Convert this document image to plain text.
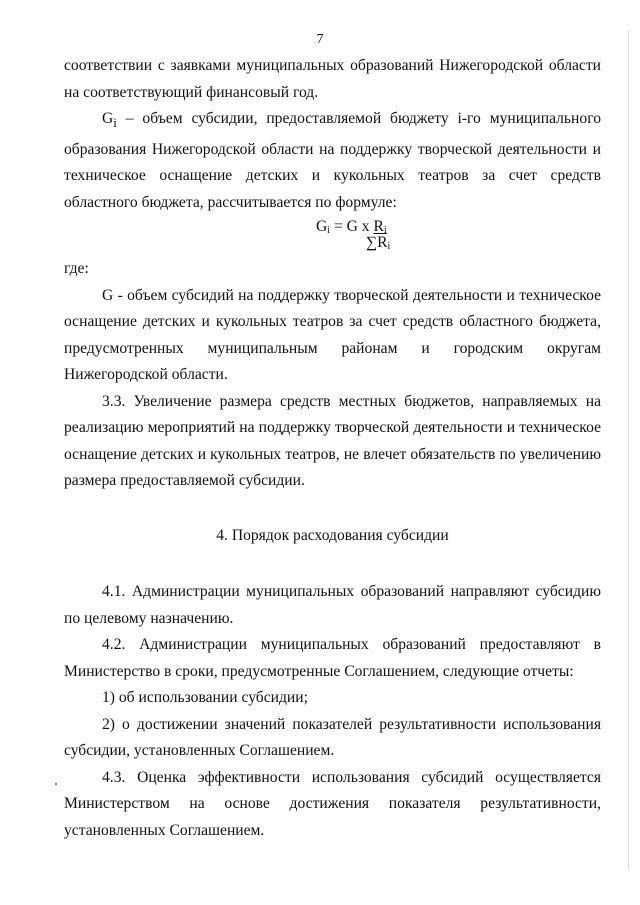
7

соответствии с заявками муниципальных образований Нижегородской области на соответствующий финансовый год.

$G_i$ – объем субсидии, предоставляемой бюджету i-го муниципального образования Нижегородской области на поддержку творческой деятельности и техническое оснащение детских и кукольных театров за счет средств областного бюджета, рассчитывается по формуле:

$G_i = G$ x $R_i$
$\sum R_i$

где:

G - объем субсидий на поддержку творческой деятельности и техническое оснащение детских и кукольных театров за счет средств областного бюджета, предусмотренных муниципальным районам и городским округам Нижегородской области.

3.3. Увеличение размера средств местных бюджетов, направляемых на реализацию мероприятий на поддержку творческой деятельности и техническое оснащение детских и кукольных театров, не влечет обязательств по увеличению размера предоставляемой субсидии.

4. Порядок расходования субсидии

4.1. Администрации муниципальных образований направляют субсидию по целевому назначению.

4.2. Администрации муниципальных образований предоставляют в Министерство в сроки, предусмотренные Соглашением, следующие отчеты:

1) об использовании субсидии;

2) о достижении значений показателей результативности использования субсидии, установленных Соглашением.

4.3. Оценка эффективности использования субсидий осуществляется Министерством на основе достижения показателя результативности, установленных Соглашением.
